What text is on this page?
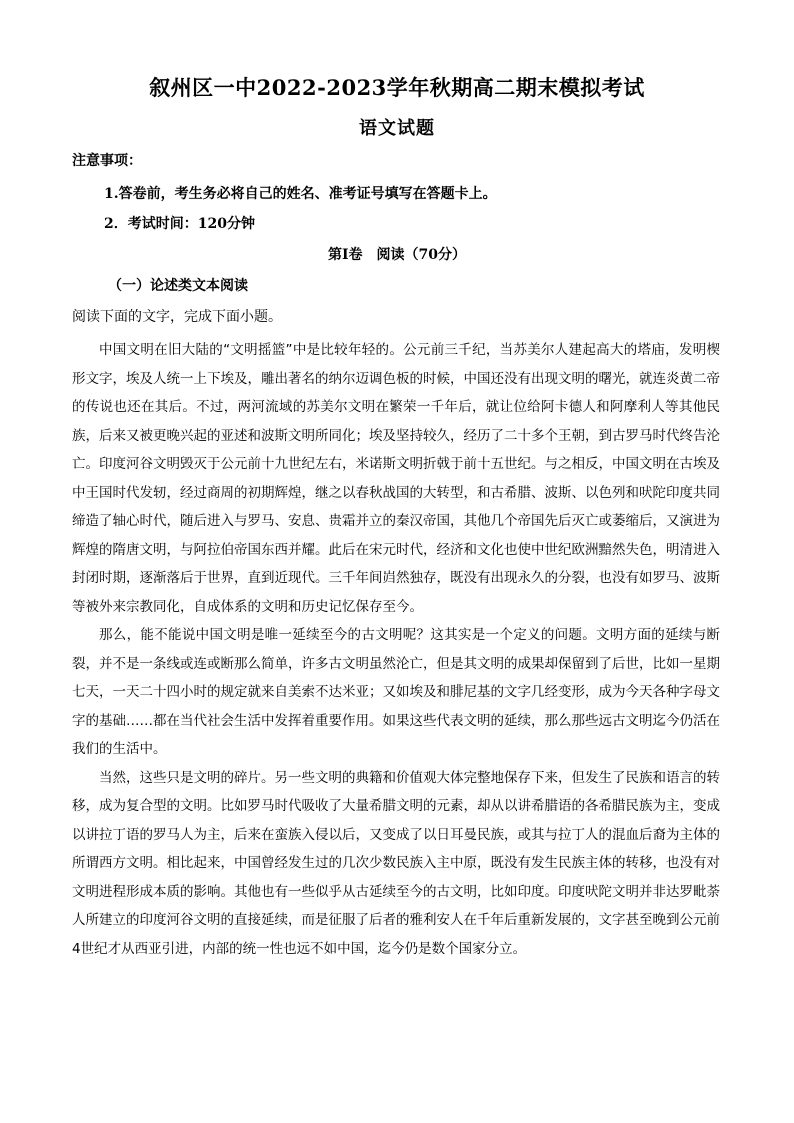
叙州区一中2022-2023学年秋期高二期末模拟考试
语文试题
注意事项：
1.答卷前，考生务必将自己的姓名、准考证号填写在答题卡上。
2．考试时间：120分钟
第I卷　阅读（70分）
（一）论述类文本阅读
阅读下面的文字，完成下面小题。

中国文明在旧大陆的“文明摇篮”中是比较年轻的。公元前三千纪，当苏美尔人建起高大的塔庙，发明楔形文字，埃及人统一上下埃及，雕出著名的纳尔迈调色板的时候，中国还没有出现文明的曙光，就连炎黄二帝的传说也还在其后。不过，两河流域的苏美尔文明在繁荣一千年后，就让位给阿卡德人和阿摩利人等其他民族，后来又被更晚兴起的亚述和波斯文明所同化；埃及坚持较久，经历了二十多个王朝，到古罗马时代终告沦亡。印度河谷文明毁灭于公元前十九世纪左右，米诺斯文明折戟于前十五世纪。与之相反，中国文明在古埃及中王国时代发轫，经过商周的初期辉煌，继之以春秋战国的大转型，和古希腊、波斯、以色列和吠陀印度共同缔造了轴心时代，随后进入与罗马、安息、贵霜并立的秦汉帝国，其他几个帝国先后灭亡或萎缩后，又演进为辉煌的隋唐文明，与阿拉伯帝国东西并耀。此后在宋元时代，经济和文化也使中世纪欧洲黯然失色，明清进入封闭时期，逐渐落后于世界，直到近现代。三千年间岿然独存，既没有出现永久的分裂，也没有如罗马、波斯等被外来宗教同化，自成体系的文明和历史记忆保存至今。

那么，能不能说中国文明是唯一延续至今的古文明呢？这其实是一个定义的问题。文明方面的延续与断裂，并不是一条线或连或断那么简单，许多古文明虽然沦亡，但是其文明的成果却保留到了后世，比如一星期七天，一天二十四小时的规定就来自美索不达米亚；又如埃及和腓尼基的文字几经变形，成为今天各种字母文字的基础……都在当代社会生活中发挥着重要作用。如果这些代表文明的延续，那么那些远古文明迄今仍活在我们的生活中。

当然，这些只是文明的碎片。另一些文明的典籍和价值观大体完整地保存下来，但发生了民族和语言的转移，成为复合型的文明。比如罗马时代吸收了大量希腊文明的元素，却从以讲希腊语的各希腊民族为主，变成以讲拉丁语的罗马人为主，后来在蛮族入侵以后，又变成了以日耳曼民族，或其与拉丁人的混血后裔为主体的所谓西方文明。相比起来，中国曾经发生过的几次少数民族入主中原，既没有发生民族主体的转移，也没有对文明进程形成本质的影响。其他也有一些似乎从古延续至今的古文明，比如印度。印度吠陀文明并非达罗毗荼人所建立的印度河谷文明的直接延续，而是征服了后者的雅利安人在千年后重新发展的，文字甚至晚到公元前4世纪才从西亚引进，内部的统一性也远不如中国，迄今仍是数个国家分立。
